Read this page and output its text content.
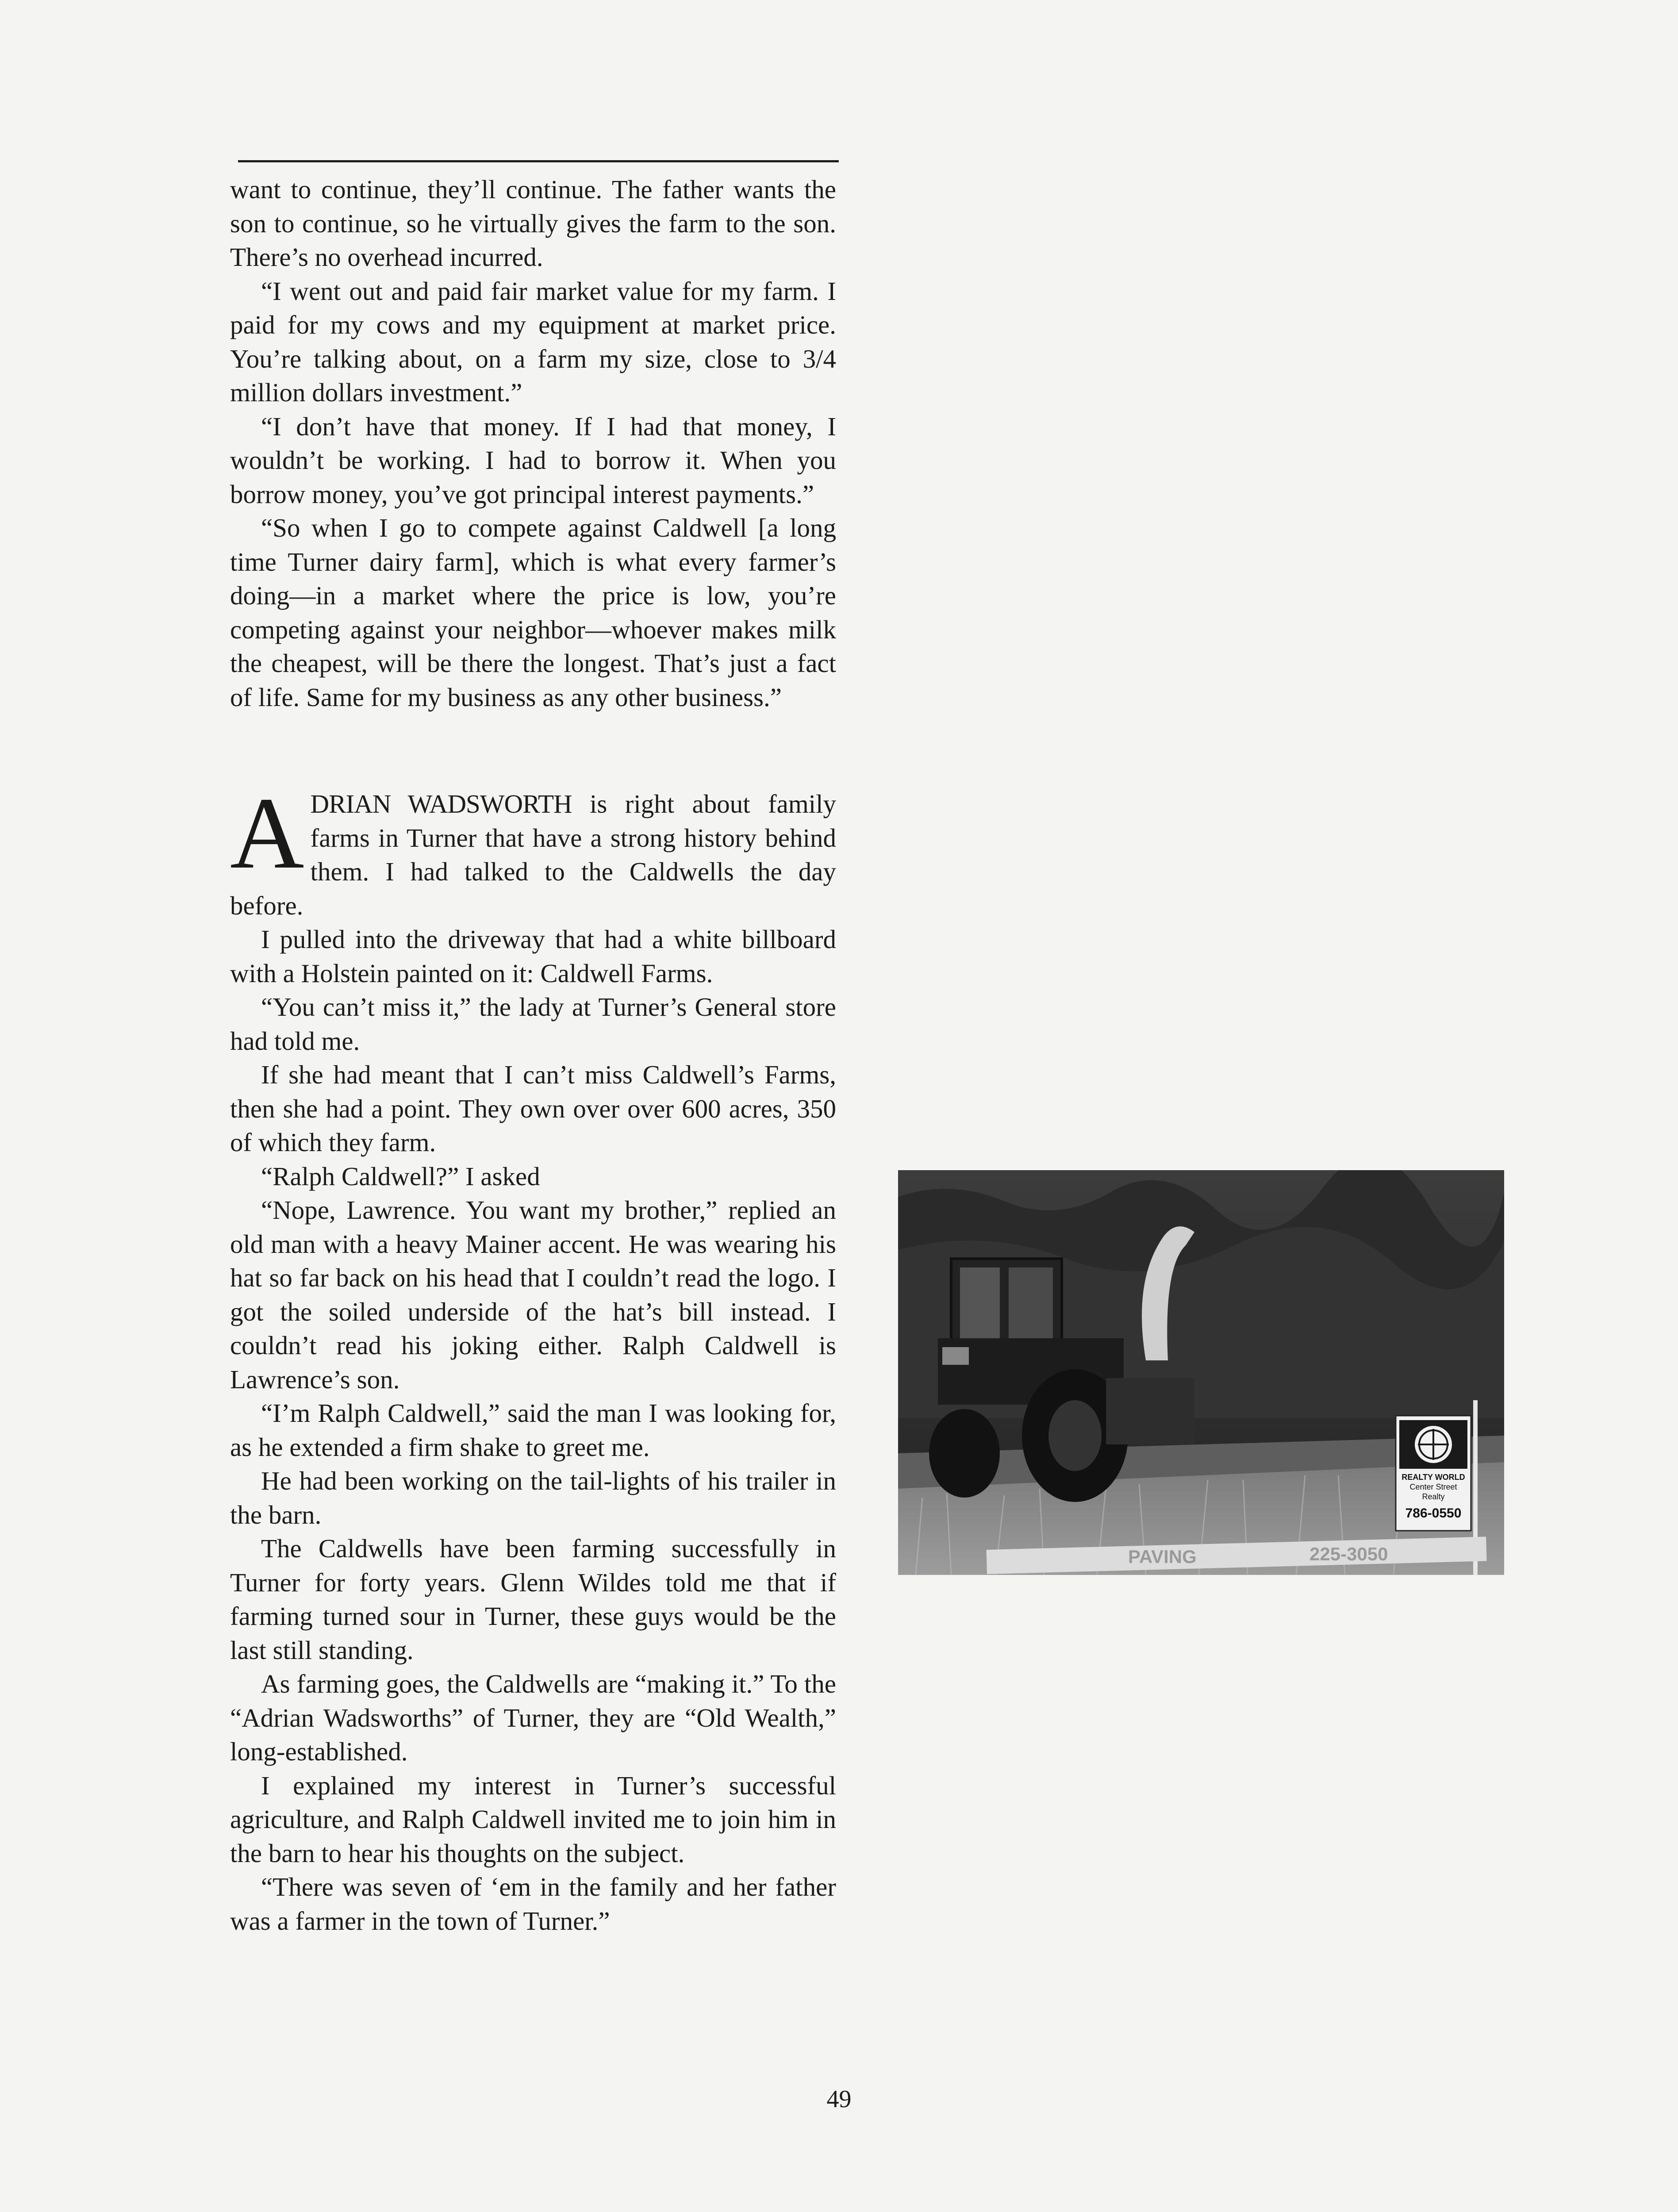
want to continue, they’ll continue. The father wants the son to continue, so he virtually gives the farm to the son. There’s no overhead incurred.

“I went out and paid fair market value for my farm. I paid for my cows and my equipment at market price. You’re talking about, on a farm my size, close to 3/4 million dollars investment.”

“I don’t have that money. If I had that money, I wouldn’t be working. I had to borrow it. When you borrow money, you’ve got principal interest payments.”

“So when I go to compete against Caldwell [a long time Turner dairy farm], which is what every farmer’s doing—in a market where the price is low, you’re competing against your neighbor—whoever makes milk the cheapest, will be there the longest. That’s just a fact of life. Same for my business as any other business.”

A DRIAN WADSWORTH is right about family farms in Turner that have a strong history behind them. I had talked to the Caldwells the day before.

I pulled into the driveway that had a white billboard with a Holstein painted on it: Caldwell Farms.

“You can’t miss it,” the lady at Turner’s General store had told me.

If she had meant that I can’t miss Caldwell’s Farms, then she had a point. They own over over 600 acres, 350 of which they farm.

“Ralph Caldwell?” I asked

“Nope, Lawrence. You want my brother,” replied an old man with a heavy Mainer accent. He was wearing his hat so far back on his head that I couldn’t read the logo. I got the soiled underside of the hat’s bill instead. I couldn’t read his joking either. Ralph Caldwell is Lawrence’s son.

“I’m Ralph Caldwell,” said the man I was looking for, as he extended a firm shake to greet me.

He had been working on the tail-lights of his trailer in the barn.

The Caldwells have been farming successfully in Turner for forty years. Glenn Wildes told me that if farming turned sour in Turner, these guys would be the last still standing.

As farming goes, the Caldwells are “making it.” To the “Adrian Wadsworths” of Turner, they are “Old Wealth,” long-established.

I explained my interest in Turner’s successful agriculture, and Ralph Caldwell invited me to join him in the barn to hear his thoughts on the subject.

“There was seven of ‘em in the family and her father was a farmer in the town of Turner.”

REALTY WORLD
Center Street
Realty
786-0550
PAVING	225-3050
49
